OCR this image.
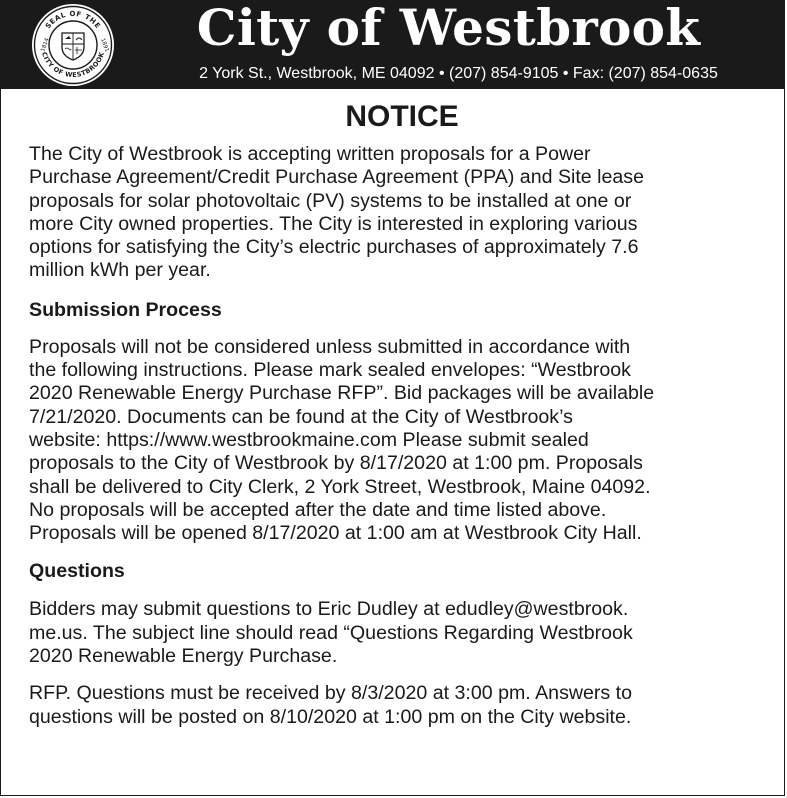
SEAL OF THE
CITY OF WESTBROOK
1814	1891	City of Westbrook
2 York St., Westbrook, ME 04092 • (207) 854-9105 • Fax: (207) 854-0635
NOTICE

The City of Westbrook is accepting written proposals for a Power
Purchase Agreement/Credit Purchase Agreement (PPA) and Site lease
proposals for solar photovoltaic (PV) systems to be installed at one or
more City owned properties. The City is interested in exploring various
options for satisfying the City’s electric purchases of approximately 7.6
million kWh per year.

Submission Process

Proposals will not be considered unless submitted in accordance with
the following instructions. Please mark sealed envelopes: “Westbrook
2020 Renewable Energy Purchase RFP”. Bid packages will be available
7/21/2020. Documents can be found at the City of Westbrook’s
website: https://www.westbrookmaine.com Please submit sealed
proposals to the City of Westbrook by 8/17/2020 at 1:00 pm. Proposals
shall be delivered to City Clerk, 2 York Street, Westbrook, Maine 04092.
No proposals will be accepted after the date and time listed above.
Proposals will be opened 8/17/2020 at 1:00 am at Westbrook City Hall.

Questions

Bidders may submit questions to Eric Dudley at edudley@westbrook.
me.us. The subject line should read “Questions Regarding Westbrook
2020 Renewable Energy Purchase.

RFP. Questions must be received by 8/3/2020 at 3:00 pm. Answers to
questions will be posted on 8/10/2020 at 1:00 pm on the City website.
